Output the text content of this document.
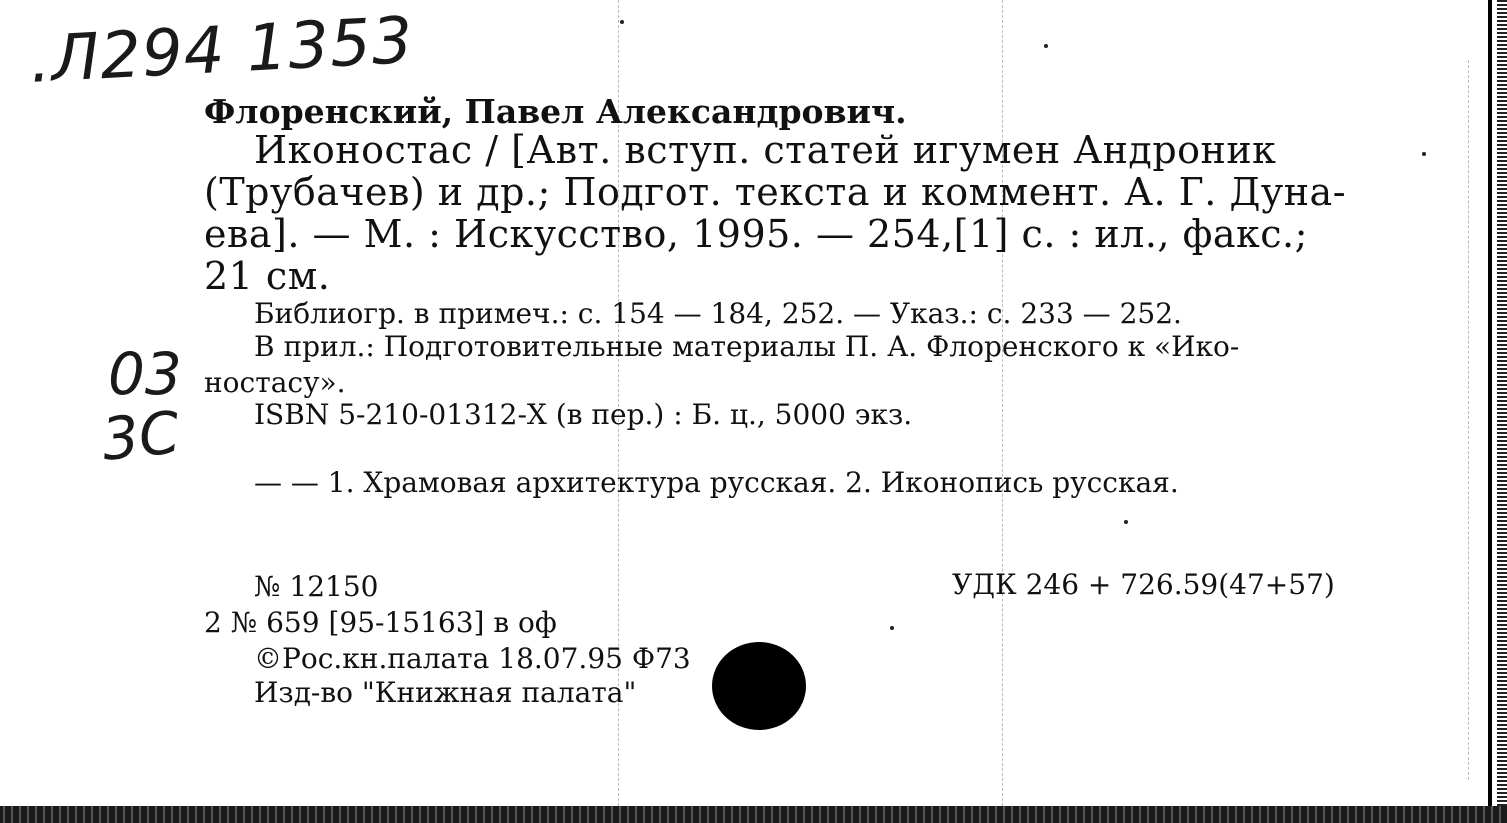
.Л294 1353
03
3С
Флоренский, Павел Александрович.
Иконостас / [Авт. вступ. статей игумен Андроник
(Трубачев) и др.; Подгот. текста и коммент. А. Г. Дуна-
ева]. — М. : Искусство, 1995. — 254,[1] с. : ил., факс.;
21 см.
Библиогр. в примеч.: с. 154 — 184, 252. — Указ.: с. 233 — 252.
В прил.: Подготовительные материалы П. А. Флоренского к «Ико-
ностасу».
ISBN 5-210-01312-Х (в пер.) : Б. ц., 5000 экз.
— — 1. Храмовая архитектура русская. 2. Иконопись русская.
№ 12150
2 № 659 [95-15163] в оф
©Рос.кн.палата 18.07.95 Ф73
Изд-во "Книжная палата"
УДК 246 + 726.59(47+57)
